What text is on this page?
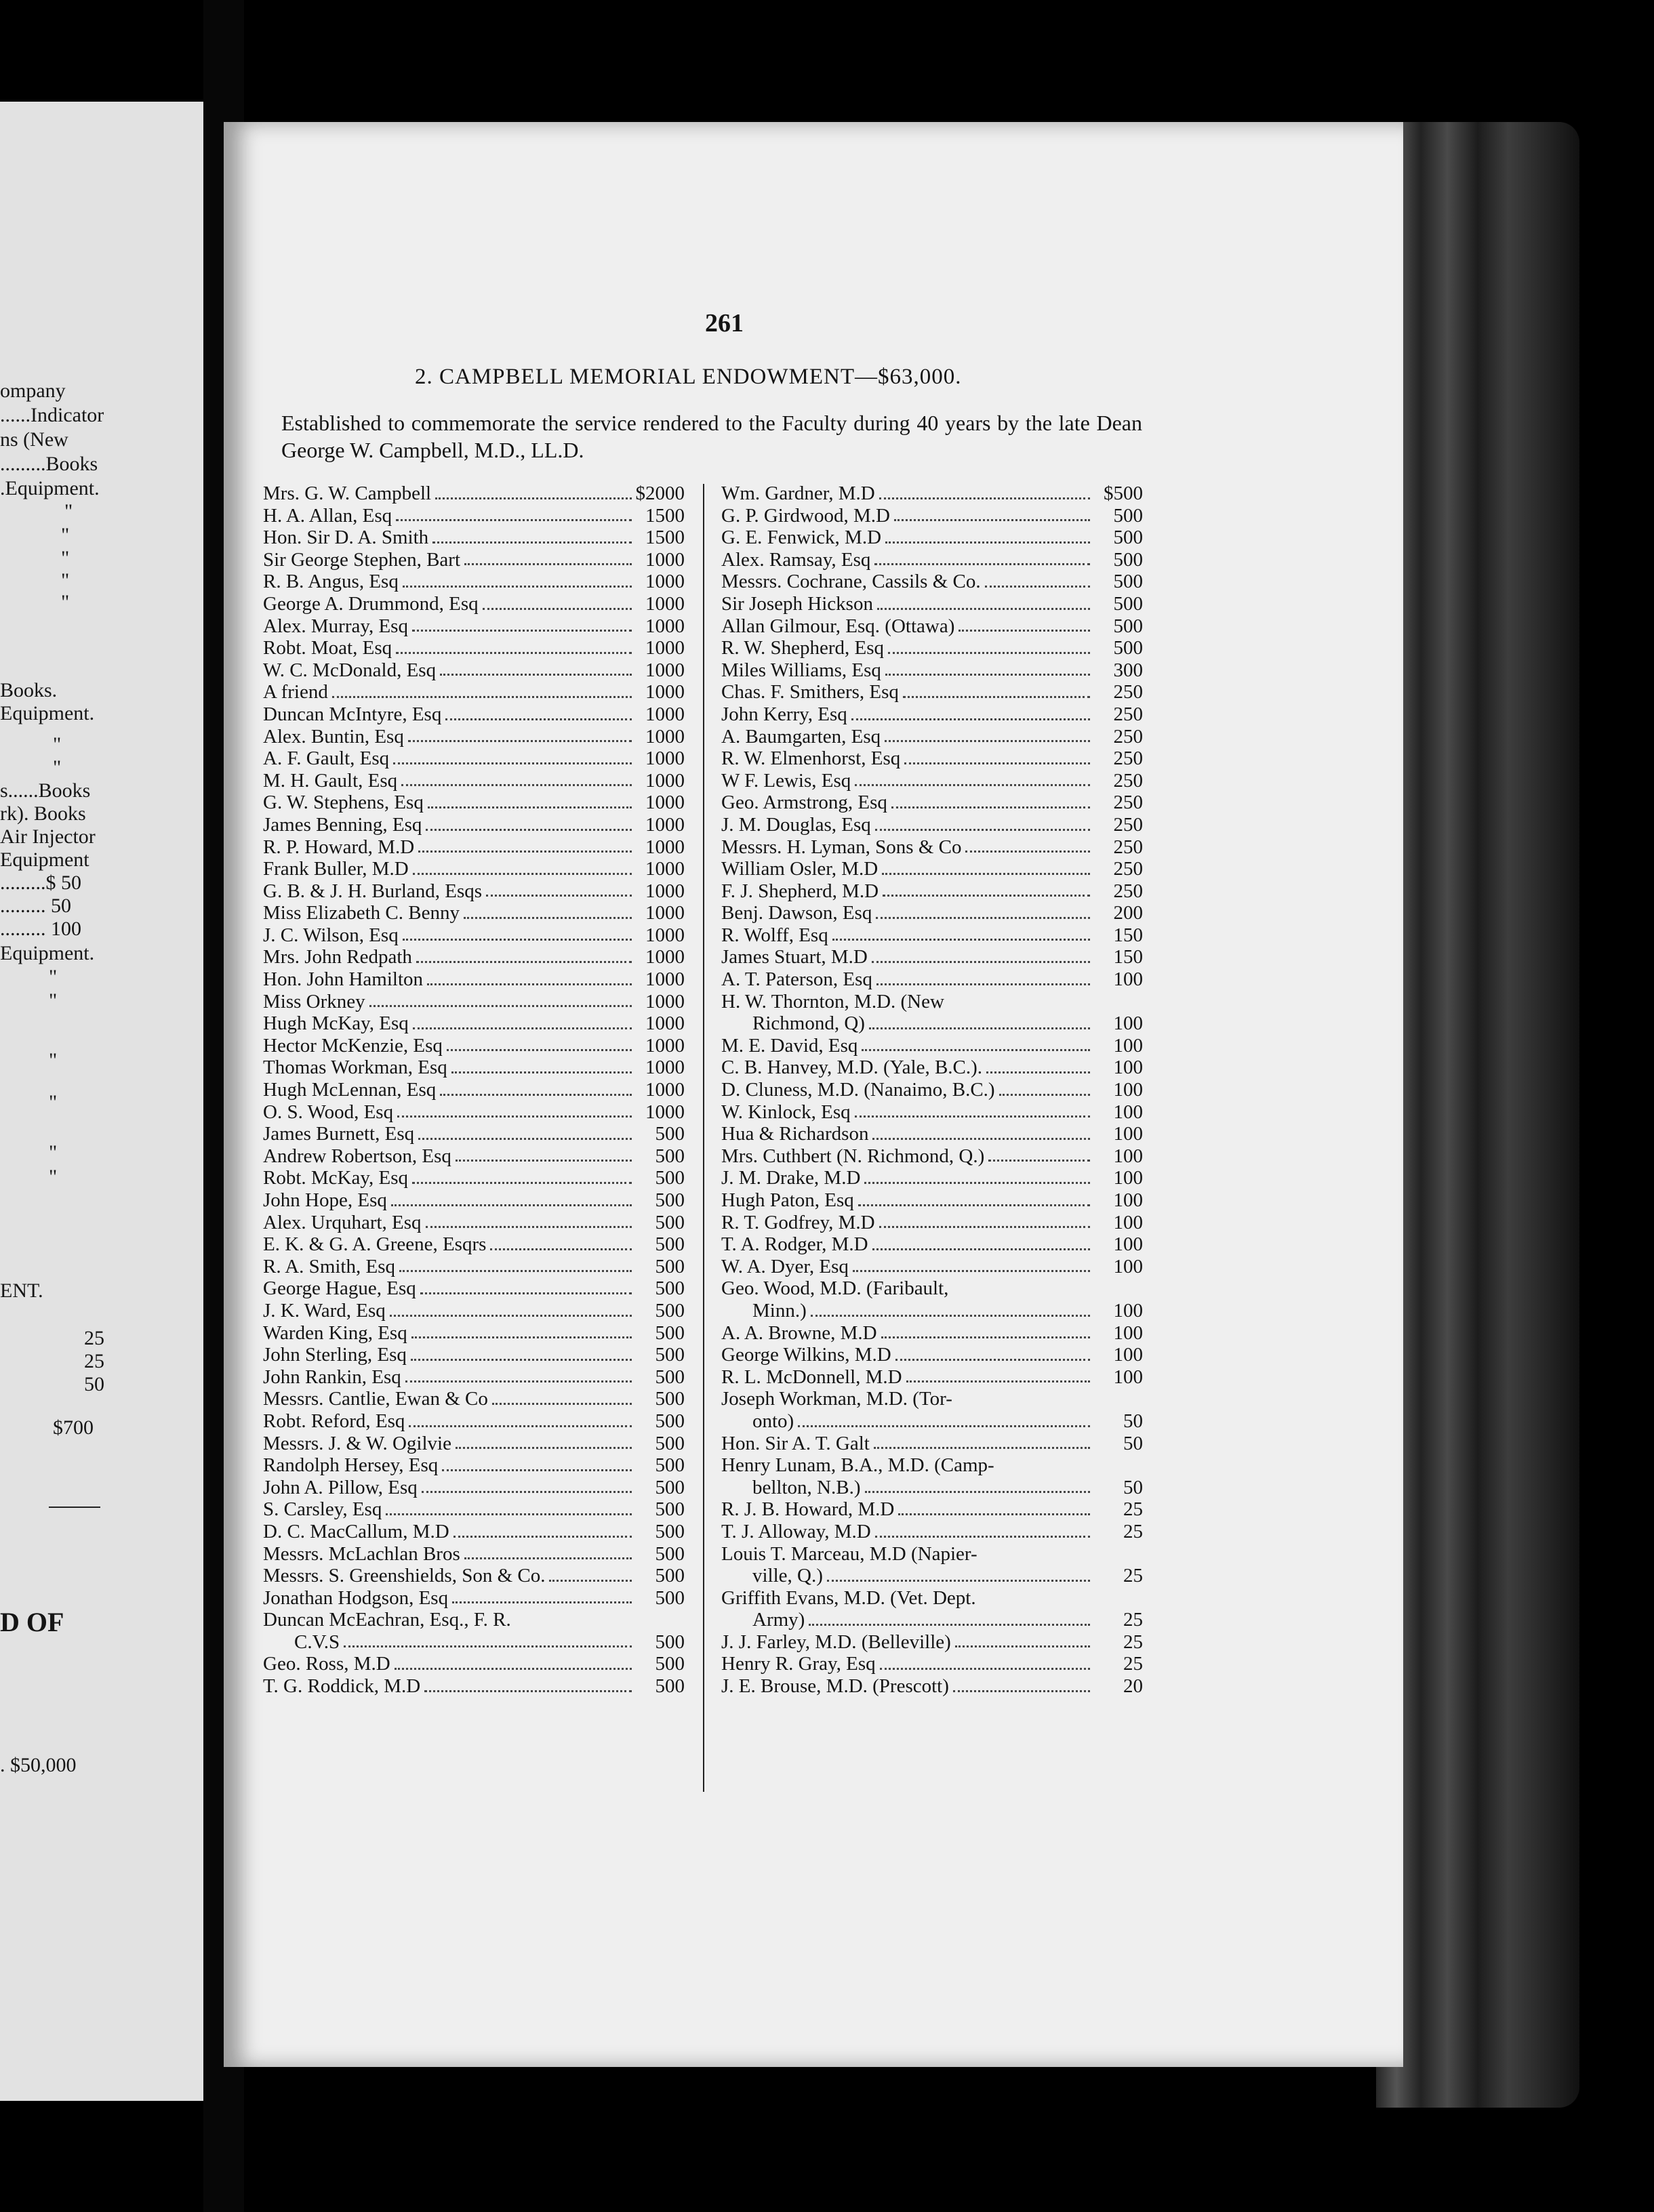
ompany
......Indicator
ns (New
.........Books
.Equipment.
"
"
"
"
"
Books.
Equipment.
"
"
s......Books
rk). Books
Air Injector
Equipment
.........$ 50
......... 50
......... 100
Equipment.
"
"
"
"
"
"
ENT.
25
25
50
$700
D OF
. $50,000
261
2. CAMPBELL MEMORIAL ENDOWMENT—$63,000.
Established to commemorate the service rendered to the Faculty during 40 years by the late Dean George W. Campbell, M.D., LL.D.
Mrs. G. W. Campbell	$2000
H. A. Allan, Esq	1500
Hon. Sir D. A. Smith	1500
Sir George Stephen, Bart	1000
R. B. Angus, Esq	1000
George A. Drummond, Esq	1000
Alex. Murray, Esq	1000
Robt. Moat, Esq	1000
W. C. McDonald, Esq	1000
A friend	1000
Duncan McIntyre, Esq	1000
Alex. Buntin, Esq	1000
A. F. Gault, Esq	1000
M. H. Gault, Esq	1000
G. W. Stephens, Esq	1000
James Benning, Esq	1000
R. P. Howard, M.D	1000
Frank Buller, M.D	1000
G. B. & J. H. Burland, Esqs	1000
Miss Elizabeth C. Benny	1000
J. C. Wilson, Esq	1000
Mrs. John Redpath	1000
Hon. John Hamilton	1000
Miss Orkney	1000
Hugh McKay, Esq	1000
Hector McKenzie, Esq	1000
Thomas Workman, Esq	1000
Hugh McLennan, Esq	1000
O. S. Wood, Esq	1000
James Burnett, Esq	500
Andrew Robertson, Esq	500
Robt. McKay, Esq	500
John Hope, Esq	500
Alex. Urquhart, Esq	500
E. K. & G. A. Greene, Esqrs	500
R. A. Smith, Esq	500
George Hague, Esq	500
J. K. Ward, Esq	500
Warden King, Esq	500
John Sterling, Esq	500
John Rankin, Esq	500
Messrs. Cantlie, Ewan & Co	500
Robt. Reford, Esq	500
Messrs. J. & W. Ogilvie	500
Randolph Hersey, Esq	500
John A. Pillow, Esq	500
S. Carsley, Esq	500
D. C. MacCallum, M.D	500
Messrs. McLachlan Bros	500
Messrs. S. Greenshields, Son & Co.	500
Jonathan Hodgson, Esq	500
Duncan McEachran, Esq., F. R.
C.V.S	500
Geo. Ross, M.D	500
T. G. Roddick, M.D	500
Wm. Gardner, M.D	$500
G. P. Girdwood, M.D	500
G. E. Fenwick, M.D	500
Alex. Ramsay, Esq	500
Messrs. Cochrane, Cassils & Co.	500
Sir Joseph Hickson	500
Allan Gilmour, Esq. (Ottawa)	500
R. W. Shepherd, Esq	500
Miles Williams, Esq	300
Chas. F. Smithers, Esq	250
John Kerry, Esq	250
A. Baumgarten, Esq	250
R. W. Elmenhorst, Esq	250
W F. Lewis, Esq	250
Geo. Armstrong, Esq	250
J. M. Douglas, Esq	250
Messrs. H. Lyman, Sons & Co	250
William Osler, M.D	250
F. J. Shepherd, M.D	250
Benj. Dawson, Esq	200
R. Wolff, Esq	150
James Stuart, M.D	150
A. T. Paterson, Esq	100
H. W. Thornton, M.D. (New
Richmond, Q)	100
M. E. David, Esq	100
C. B. Hanvey, M.D. (Yale, B.C.).	100
D. Cluness, M.D. (Nanaimo, B.C.)	100
W. Kinlock, Esq	100
Hua & Richardson	100
Mrs. Cuthbert (N. Richmond, Q.)	100
J. M. Drake, M.D	100
Hugh Paton, Esq	100
R. T. Godfrey, M.D	100
T. A. Rodger, M.D	100
W. A. Dyer, Esq	100
Geo. Wood, M.D. (Faribault,
Minn.)	100
A. A. Browne, M.D	100
George Wilkins, M.D	100
R. L. McDonnell, M.D	100
Joseph Workman, M.D. (Tor-
onto)	50
Hon. Sir A. T. Galt	50
Henry Lunam, B.A., M.D. (Camp-
bellton, N.B.)	50
R. J. B. Howard, M.D	25
T. J. Alloway, M.D	25
Louis T. Marceau, M.D (Napier-
ville, Q.)	25
Griffith Evans, M.D. (Vet. Dept.
Army)	25
J. J. Farley, M.D. (Belleville)	25
Henry R. Gray, Esq	25
J. E. Brouse, M.D. (Prescott)	20
